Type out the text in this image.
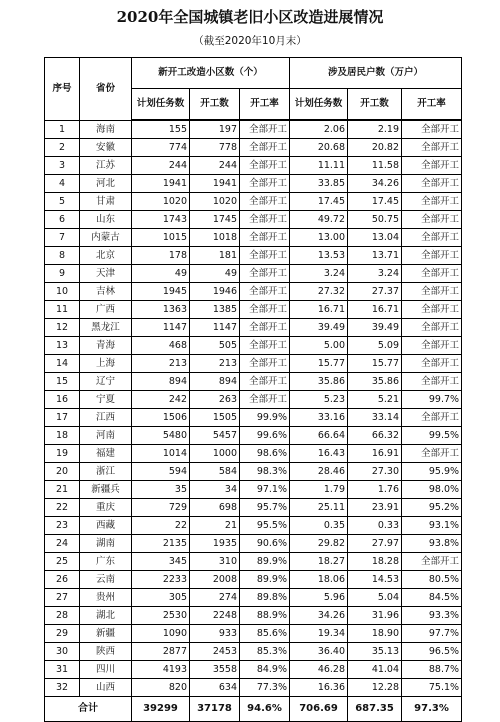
2020年全国城镇老旧小区改造进展情况
（截至2020年10月末）
序号	省份	新开工改造小区数（个）			涉及居民户数（万户）		
		计划任务数	开工数	开工率	计划任务数	开工数	开工率
1	海南	155	197	全部开工	2.06	2.19	全部开工
2	安徽	774	778	全部开工	20.68	20.82	全部开工
3	江苏	244	244	全部开工	11.11	11.58	全部开工
4	河北	1941	1941	全部开工	33.85	34.26	全部开工
5	甘肃	1020	1020	全部开工	17.45	17.45	全部开工
6	山东	1743	1745	全部开工	49.72	50.75	全部开工
7	内蒙古	1015	1018	全部开工	13.00	13.04	全部开工
8	北京	178	181	全部开工	13.53	13.71	全部开工
9	天津	49	49	全部开工	3.24	3.24	全部开工
10	吉林	1945	1946	全部开工	27.32	27.37	全部开工
11	广西	1363	1385	全部开工	16.71	16.71	全部开工
12	黑龙江	1147	1147	全部开工	39.49	39.49	全部开工
13	青海	468	505	全部开工	5.00	5.09	全部开工
14	上海	213	213	全部开工	15.77	15.77	全部开工
15	辽宁	894	894	全部开工	35.86	35.86	全部开工
16	宁夏	242	263	全部开工	5.23	5.21	99.7%
17	江西	1506	1505	99.9%	33.16	33.14	全部开工
18	河南	5480	5457	99.6%	66.64	66.32	99.5%
19	福建	1014	1000	98.6%	16.43	16.91	全部开工
20	浙江	594	584	98.3%	28.46	27.30	95.9%
21	新疆兵	35	34	97.1%	1.79	1.76	98.0%
22	重庆	729	698	95.7%	25.11	23.91	95.2%
23	西藏	22	21	95.5%	0.35	0.33	93.1%
24	湖南	2135	1935	90.6%	29.82	27.97	93.8%
25	广东	345	310	89.9%	18.27	18.28	全部开工
26	云南	2233	2008	89.9%	18.06	14.53	80.5%
27	贵州	305	274	89.8%	5.96	5.04	84.5%
28	湖北	2530	2248	88.9%	34.26	31.96	93.3%
29	新疆	1090	933	85.6%	19.34	18.90	97.7%
30	陕西	2877	2453	85.3%	36.40	35.13	96.5%
31	四川	4193	3558	84.9%	46.28	41.04	88.7%
32	山西	820	634	77.3%	16.36	12.28	75.1%
合计		39299	37178	94.6%	706.69	687.35	97.3%
